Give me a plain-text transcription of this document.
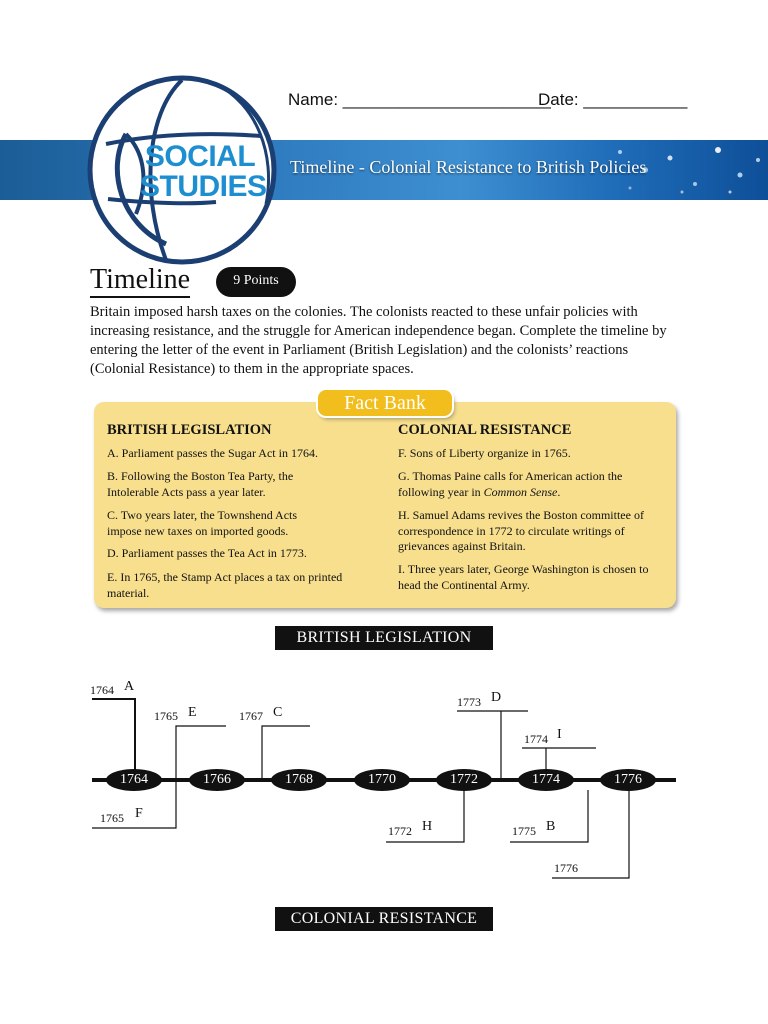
Timeline - Colonial Resistance to British Policies
SOCIAL
STUDIES
Name: ______________________
Date: ___________
Timeline	9 Points
Britain imposed harsh taxes on the colonies. The colonists reacted to these unfair policies with increasing resistance, and the struggle for American independence began. Complete the timeline by entering the letter of the event in Parliament (British Legislation) and the colonists’ reactions (Colonial Resistance) to them in the appropriate spaces.
Fact Bank
BRITISH LEGISLATION	COLONIAL RESISTANCE
A. Parliament passes the Sugar Act in 1764.
B. Following the Boston Tea Party, the Intolerable Acts pass a year later.
C. Two years later, the Townshend Acts impose new taxes on imported goods.
D. Parliament passes the Tea Act in 1773.
E. In 1765, the Stamp Act places a tax on printed material.
F. Sons of Liberty organize in 1765.
G. Thomas Paine calls for American action the following year in Common Sense.
H. Samuel Adams revives the Boston committee of correspondence in 1772 to circulate writings of grievances against Britain.
I. Three years later, George Washington is chosen to head the Continental Army.
BRITISH LEGISLATION
COLONIAL RESISTANCE
1764	1766	1768	1770	1772	1774	1776
1764 A
1765 E	1767 C
1773 D
1774 I
1765 F
1772 H	1775 B
1776
